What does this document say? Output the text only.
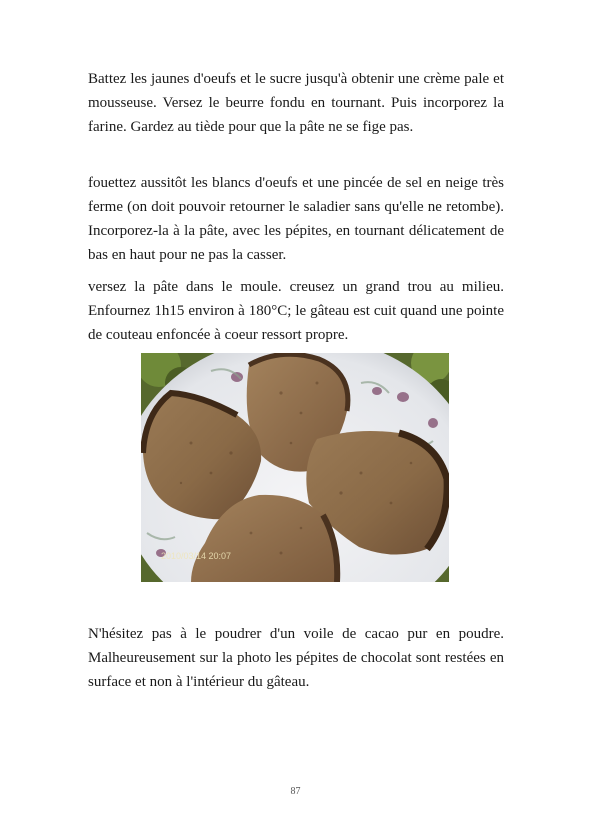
Battez les jaunes d'oeufs et le sucre jusqu'à obtenir une crème pale et mousseuse. Versez le beurre fondu en tournant. Puis incorporez la farine. Gardez au tiède pour que la pâte ne se fige pas.

fouettez aussitôt les blancs d'oeufs et une pincée de sel en neige très ferme (on doit pouvoir retourner le saladier sans qu'elle ne retombe). Incorporez-la à la pâte, avec les pépites, en tournant délicatement de bas en haut pour ne pas la casser.

versez la pâte dans le moule. creusez un grand trou au milieu. Enfournez 1h15 environ à 180°C; le gâteau est cuit quand une pointe de couteau enfoncée à coeur ressort propre.

2010/03/14 20:07

N'hésitez pas à le poudrer d'un voile de cacao pur en poudre. Malheureusement sur la photo les pépites de chocolat sont restées en surface et non à l'intérieur du gâteau.

87
